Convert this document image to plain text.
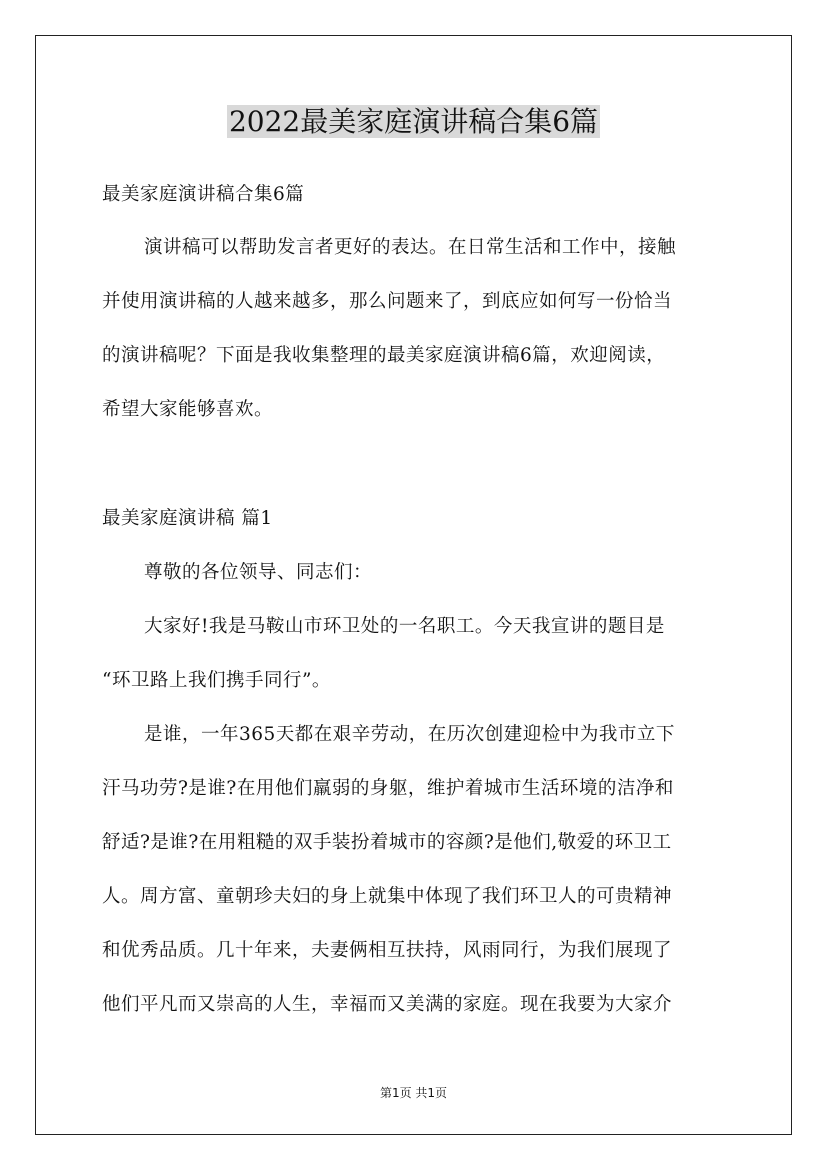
2022最美家庭演讲稿合集6篇

最美家庭演讲稿合集6篇

演讲稿可以帮助发言者更好的表达。在日常生活和工作中，接触

并使用演讲稿的人越来越多，那么问题来了，到底应如何写一份恰当

的演讲稿呢？下面是我收集整理的最美家庭演讲稿6篇，欢迎阅读，

希望大家能够喜欢。

最美家庭演讲稿 篇1

尊敬的各位领导、同志们：

大家好!我是马鞍山市环卫处的一名职工。今天我宣讲的题目是

“环卫路上我们携手同行”。

是谁，一年365天都在艰辛劳动，在历次创建迎检中为我市立下

汗马功劳?是谁?在用他们羸弱的身躯，维护着城市生活环境的洁净和

舒适?是谁?在用粗糙的双手装扮着城市的容颜?是他们,敬爱的环卫工

人。周方富、童朝珍夫妇的身上就集中体现了我们环卫人的可贵精神

和优秀品质。几十年来，夫妻俩相互扶持，风雨同行，为我们展现了

他们平凡而又崇高的人生，幸福而又美满的家庭。现在我要为大家介

第1页 共1页
